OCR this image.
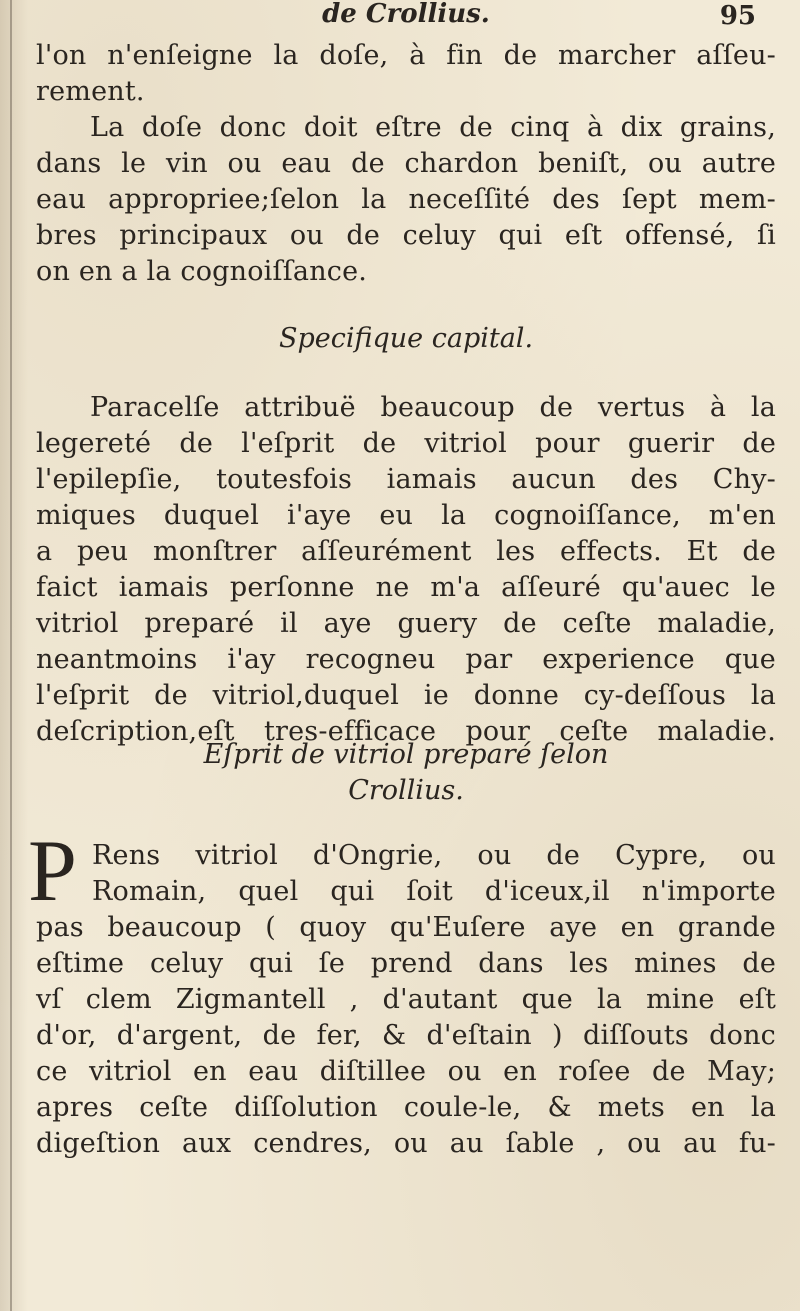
de Crollius.	95
l'on n'enſeigne la doſe, à fin de marcher aſſeu-
rement.
La doſe donc doit eſtre de cinq à dix grains,
dans le vin ou eau de chardon beniſt, ou autre
eau appropriee;ſelon la neceſſité des ſept mem-
bres principaux ou de celuy qui eſt offensé, ſi
on en a la cognoiſſance.
Specifique capital.
Paracelſe attribuë beaucoup de vertus à la
legereté de l'eſprit de vitriol pour guerir de
l'epilepſie, toutesfois iamais aucun des Chy-
miques duquel i'aye eu la cognoiſſance, m'en
a peu monſtrer aſſeurément les effects. Et de
faict iamais perſonne ne m'a aſſeuré qu'auec le
vitriol preparé il aye guery de ceſte maladie,
neantmoins i'ay recogneu par experience que
l'eſprit de vitriol,duquel ie donne cy-deſſous la
deſcription,eſt tres-efficace pour ceſte maladie.
Eſprit de vitriol preparé ſelon
Crollius.
P Rens vitriol d'Ongrie, ou de Cypre, ou
Romain, quel qui ſoit d'iceux,il n'importe
pas beaucoup ( quoy qu'Euſere aye en grande
eſtime celuy qui ſe prend dans les mines de
vſ clem Zigmantell , d'autant que la mine eſt
d'or, d'argent, de fer, & d'eſtain ) diſſouts donc
ce vitriol en eau diſtillee ou en roſee de May;
apres ceſte diſſolution coule-le, & mets en la
digeſtion aux cendres, ou au ſable , ou au fu-
